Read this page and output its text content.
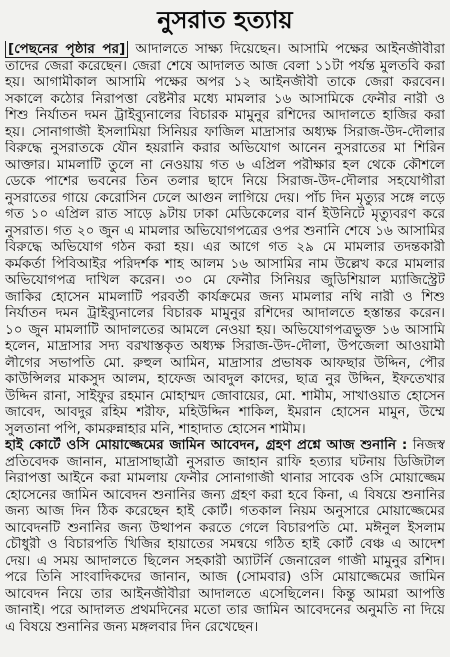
নুসরাত হত্যায়
[পেছনের পৃষ্ঠার পর] আদালতে সাক্ষ্য দিয়েছেন। আসামি পক্ষের আইনজীবীরা
তাদের জেরা করেছেন। জেরা শেষে আদালত আজ বেলা ১১টা পর্যন্ত মুলতবি করা
হয়। আগামীকাল আসামি পক্ষের অপর ১২ আইনজীবী তাকে জেরা করবেন।
সকালে কঠোর নিরাপত্তা বেষ্টনীর মধ্যে মামলার ১৬ আসামিকে ফেনীর নারী ও
শিশু নির্যাতন দমন ট্রাইব্যুনালের বিচারক মামুনুর রশিদের আদালতে হাজির করা
হয়। সোনাগাজী ইসলামিয়া সিনিয়র ফাজিল মাদ্রাসার অধ্যক্ষ সিরাজ-উদ-দৌলার
বিরুদ্ধে নুসরাতকে যৌন হয়রানি করার অভিযোগ আনেন নুসরাতের মা শিরিন
আক্তার। মামলাটি তুলে না নেওয়ায় গত ৬ এপ্রিল পরীক্ষার হল থেকে কৌশলে
ডেকে পাশের ভবনের তিন তলার ছাদে নিয়ে সিরাজ-উদ-দৌলার সহযোগীরা
নুসরাতের গায়ে কেরোসিন ঢেলে আগুন লাগিয়ে দেয়। পাঁচ দিন মৃত্যুর সঙ্গে লড়ে
গত ১০ এপ্রিল রাত সাড়ে ৯টায় ঢাকা মেডিকেলের বার্ন ইউনিটে মৃত্যুবরণ করে
নুসরাত। গত ২০ জুন এ মামলার অভিযোগপত্রের ওপর শুনানি শেষে ১৬ আসামির
বিরুদ্ধে অভিযোগ গঠন করা হয়। এর আগে গত ২৯ মে মামলার তদন্তকারী
কর্মকর্তা পিবিআইর পরিদর্শক শাহ আলম ১৬ আসামির নাম উল্লেখ করে মামলার
অভিযোগপত্র দাখিল করেন। ৩০ মে ফেনীর সিনিয়র জুডিশিয়াল ম্যাজিস্ট্রেট
জাকির হোসেন মামলাটি পরবর্তী কার্যক্রমের জন্য মামলার নথি নারী ও শিশু
নির্যাতন দমন ট্রাইব্যুনালের বিচারক মামুনুর রশিদের আদালতে হস্তান্তর করেন।
১০ জুন মামলাটি আদালতের আমলে নেওয়া হয়। অভিযোগপত্রভুক্ত ১৬ আসামি
হলেন, মাদ্রাসার সদ্য বরখাস্তকৃত অধ্যক্ষ সিরাজ-উদ-দৌলা, উপজেলা আওয়ামী
লীগের সভাপতি মো. রুহুল আমিন, মাদ্রাসার প্রভাষক আফছার উদ্দিন, পৌর
কাউন্সিলর মাকসুদ আলম, হাফেজ আবদুল কাদের, ছাত্র নুর উদ্দিন, ইফতেখার
উদ্দিন রানা, সাইফুর রহমান মোহাম্মদ জোবায়ের, মো. শামীম, সাখাওয়াত হোসেন
জাবেদ, আবদুর রহিম শরীফ, মহিউদ্দিন শাকিল, ইমরান হোসেন মামুন, উম্মে
সুলতানা পপি, কামরুন্নাহার মনি, শাহাদাত হোসেন শামীম।
হাই কোর্টে ওসি মোয়াজ্জেমের জামিন আবেদন, গ্রহণ প্রশ্নে আজ শুনানি : নিজস্ব
প্রতিবেদক জানান, মাদ্রাসাছাত্রী নুসরাত জাহান রাফি হত্যার ঘটনায় ডিজিটাল
নিরাপত্তা আইনে করা মামলায় ফেনীর সোনাগাজী থানার সাবেক ওসি মোয়াজ্জেম
হোসেনের জামিন আবেদন শুনানির জন্য গ্রহণ করা হবে কিনা, এ বিষয়ে শুনানির
জন্য আজ দিন ঠিক করেছেন হাই কোর্ট। গতকাল নিয়ম অনুসারে মোয়াজ্জেমের
আবেদনটি শুনানির জন্য উত্থাপন করতে গেলে বিচারপতি মো. মঈনুল ইসলাম
চৌধুরী ও বিচারপতি খিজির হায়াতের সমন্বয়ে গঠিত হাই কোর্ট বেঞ্চ এ আদেশ
দেয়। এ সময় আদালতে ছিলেন সহকারী অ্যাটর্নি জেনারেল গাজী মামুনুর রশিদ।
পরে তিনি সাংবাদিকদের জানান, আজ (সোমবার) ওসি মোয়াজ্জেমের জামিন
আবেদন নিয়ে তার আইনজীবীরা আদালতে এসেছিলেন। কিন্তু আমরা আপত্তি
জানাই। পরে আদালত প্রথমদিনের মতো তার জামিন আবেদনের অনুমতি না দিয়ে
এ বিষয়ে শুনানির জন্য মঙ্গলবার দিন রেখেছেন।
